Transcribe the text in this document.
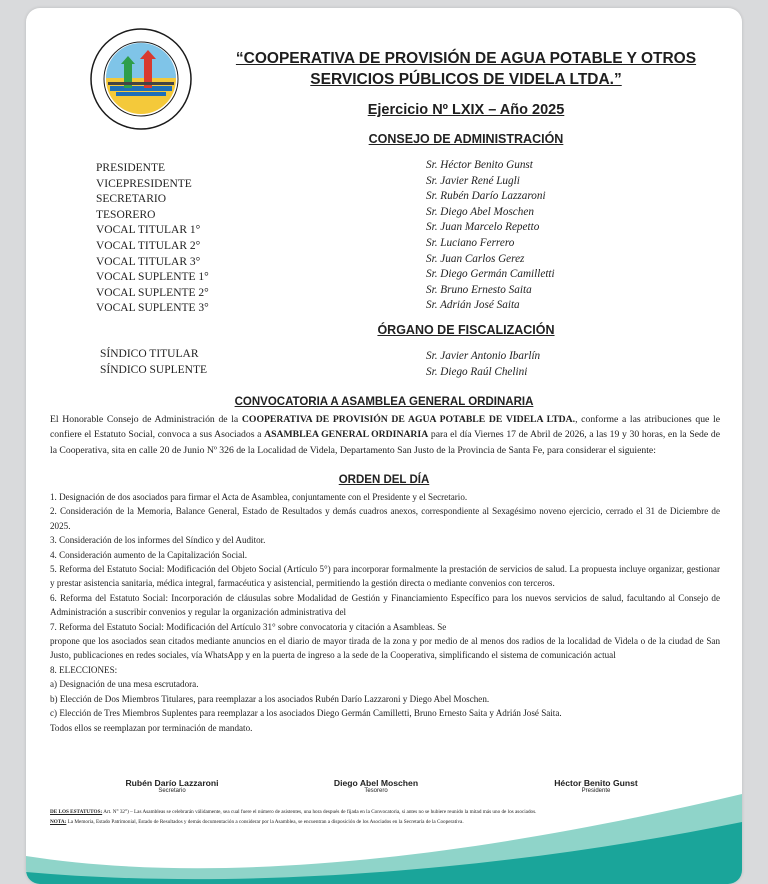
“COOPERATIVA DE PROVISIÓN DE AGUA POTABLE Y OTROS SERVICIOS PÚBLICOS DE VIDELA LTDA.”
Ejercicio Nº LXIX – Año 2025
CONSEJO DE ADMINISTRACIÓN
PRESIDENTE
VICEPRESIDENTE
SECRETARIO
TESORERO
VOCAL TITULAR 1°
VOCAL TITULAR 2°
VOCAL TITULAR 3°
VOCAL SUPLENTE 1°
VOCAL SUPLENTE 2°
VOCAL SUPLENTE 3°
Sr. Héctor Benito Gunst
Sr. Javier René Lugli
Sr. Rubén Darío Lazzaroni
Sr. Diego Abel Moschen
Sr. Juan Marcelo Repetto
Sr. Luciano Ferrero
Sr. Juan Carlos Gerez
Sr. Diego Germán Camilletti
Sr. Bruno Ernesto Saita
Sr. Adrián José Saita
ÓRGANO DE FISCALIZACIÓN
SÍNDICO TITULAR
SÍNDICO SUPLENTE
Sr. Javier Antonio Ibarlín
Sr. Diego Raúl Chelini
CONVOCATORIA A ASAMBLEA GENERAL ORDINARIA
El Honorable Consejo de Administración de la COOPERATIVA DE PROVISIÓN DE AGUA POTABLE DE VIDELA LTDA., conforme a las atribuciones que le confiere el Estatuto Social, convoca a sus Asociados a ASAMBLEA GENERAL ORDINARIA para el día Viernes 17 de Abril de 2026, a las 19 y 30 horas, en la Sede de la Cooperativa, sita en calle 20 de Junio Nº 326 de la Localidad de Videla, Departamento San Justo de la Provincia de Santa Fe, para considerar el siguiente:
ORDEN DEL DÍA
1. Designación de dos asociados para firmar el Acta de Asamblea, conjuntamente con el Presidente y el Secretario.
2. Consideración de la Memoria, Balance General, Estado de Resultados y demás cuadros anexos, correspondiente al Sexagésimo noveno ejercicio, cerrado el 31 de Diciembre de 2025.
3. Consideración de los informes del Síndico y del Auditor.
4. Consideración aumento de la Capitalización Social.
5. Reforma del Estatuto Social: Modificación del Objeto Social (Artículo 5°) para incorporar formalmente la prestación de servicios de salud. La propuesta incluye organizar, gestionar y prestar asistencia sanitaria, médica integral, farmacéutica y asistencial, permitiendo la gestión directa o mediante convenios con terceros.
6. Reforma del Estatuto Social: Incorporación de cláusulas sobre Modalidad de Gestión y Financiamiento Específico para los nuevos servicios de salud, facultando al Consejo de Administración a suscribir convenios y regular la organización administrativa del
7. Reforma del Estatuto Social: Modificación del Artículo 31° sobre convocatoria y citación a Asambleas. Se
propone que los asociados sean citados mediante anuncios en el diario de mayor tirada de la zona y por medio de al menos dos radios de la localidad de Videla o de la ciudad de San Justo, publicaciones en redes sociales, vía WhatsApp y en la puerta de ingreso a la sede de la Cooperativa, simplificando el sistema de comunicación actual
8. ELECCIONES:
a) Designación de una mesa escrutadora.
b) Elección de Dos Miembros Titulares, para reemplazar a los asociados Rubén Darío Lazzaroni y Diego Abel Moschen.
c) Elección de Tres Miembros Suplentes para reemplazar a los asociados Diego Germán Camilletti, Bruno Ernesto Saita y Adrián José Saita.
Todos ellos se reemplazan por terminación de mandato.
Rubén Darío Lazzaroni
Secretario
Diego Abel Moschen
Tesorero
Héctor Benito Gunst
Presidente
DE LOS ESTATUTOS: Art. N° 32°) – Las Asambleas se celebrarán válidamente, sea cual fuere el número de asistentes, una hora después de fijada en la Convocatoria, si antes no se hubiere reunido la mitad más uno de los asociados.
NOTA: La Memoria, Estado Patrimonial, Estado de Resultados y demás documentación a considerar por la Asamblea, se encuentran a disposición de los Asociados en la Secretaría de la Cooperativa.
